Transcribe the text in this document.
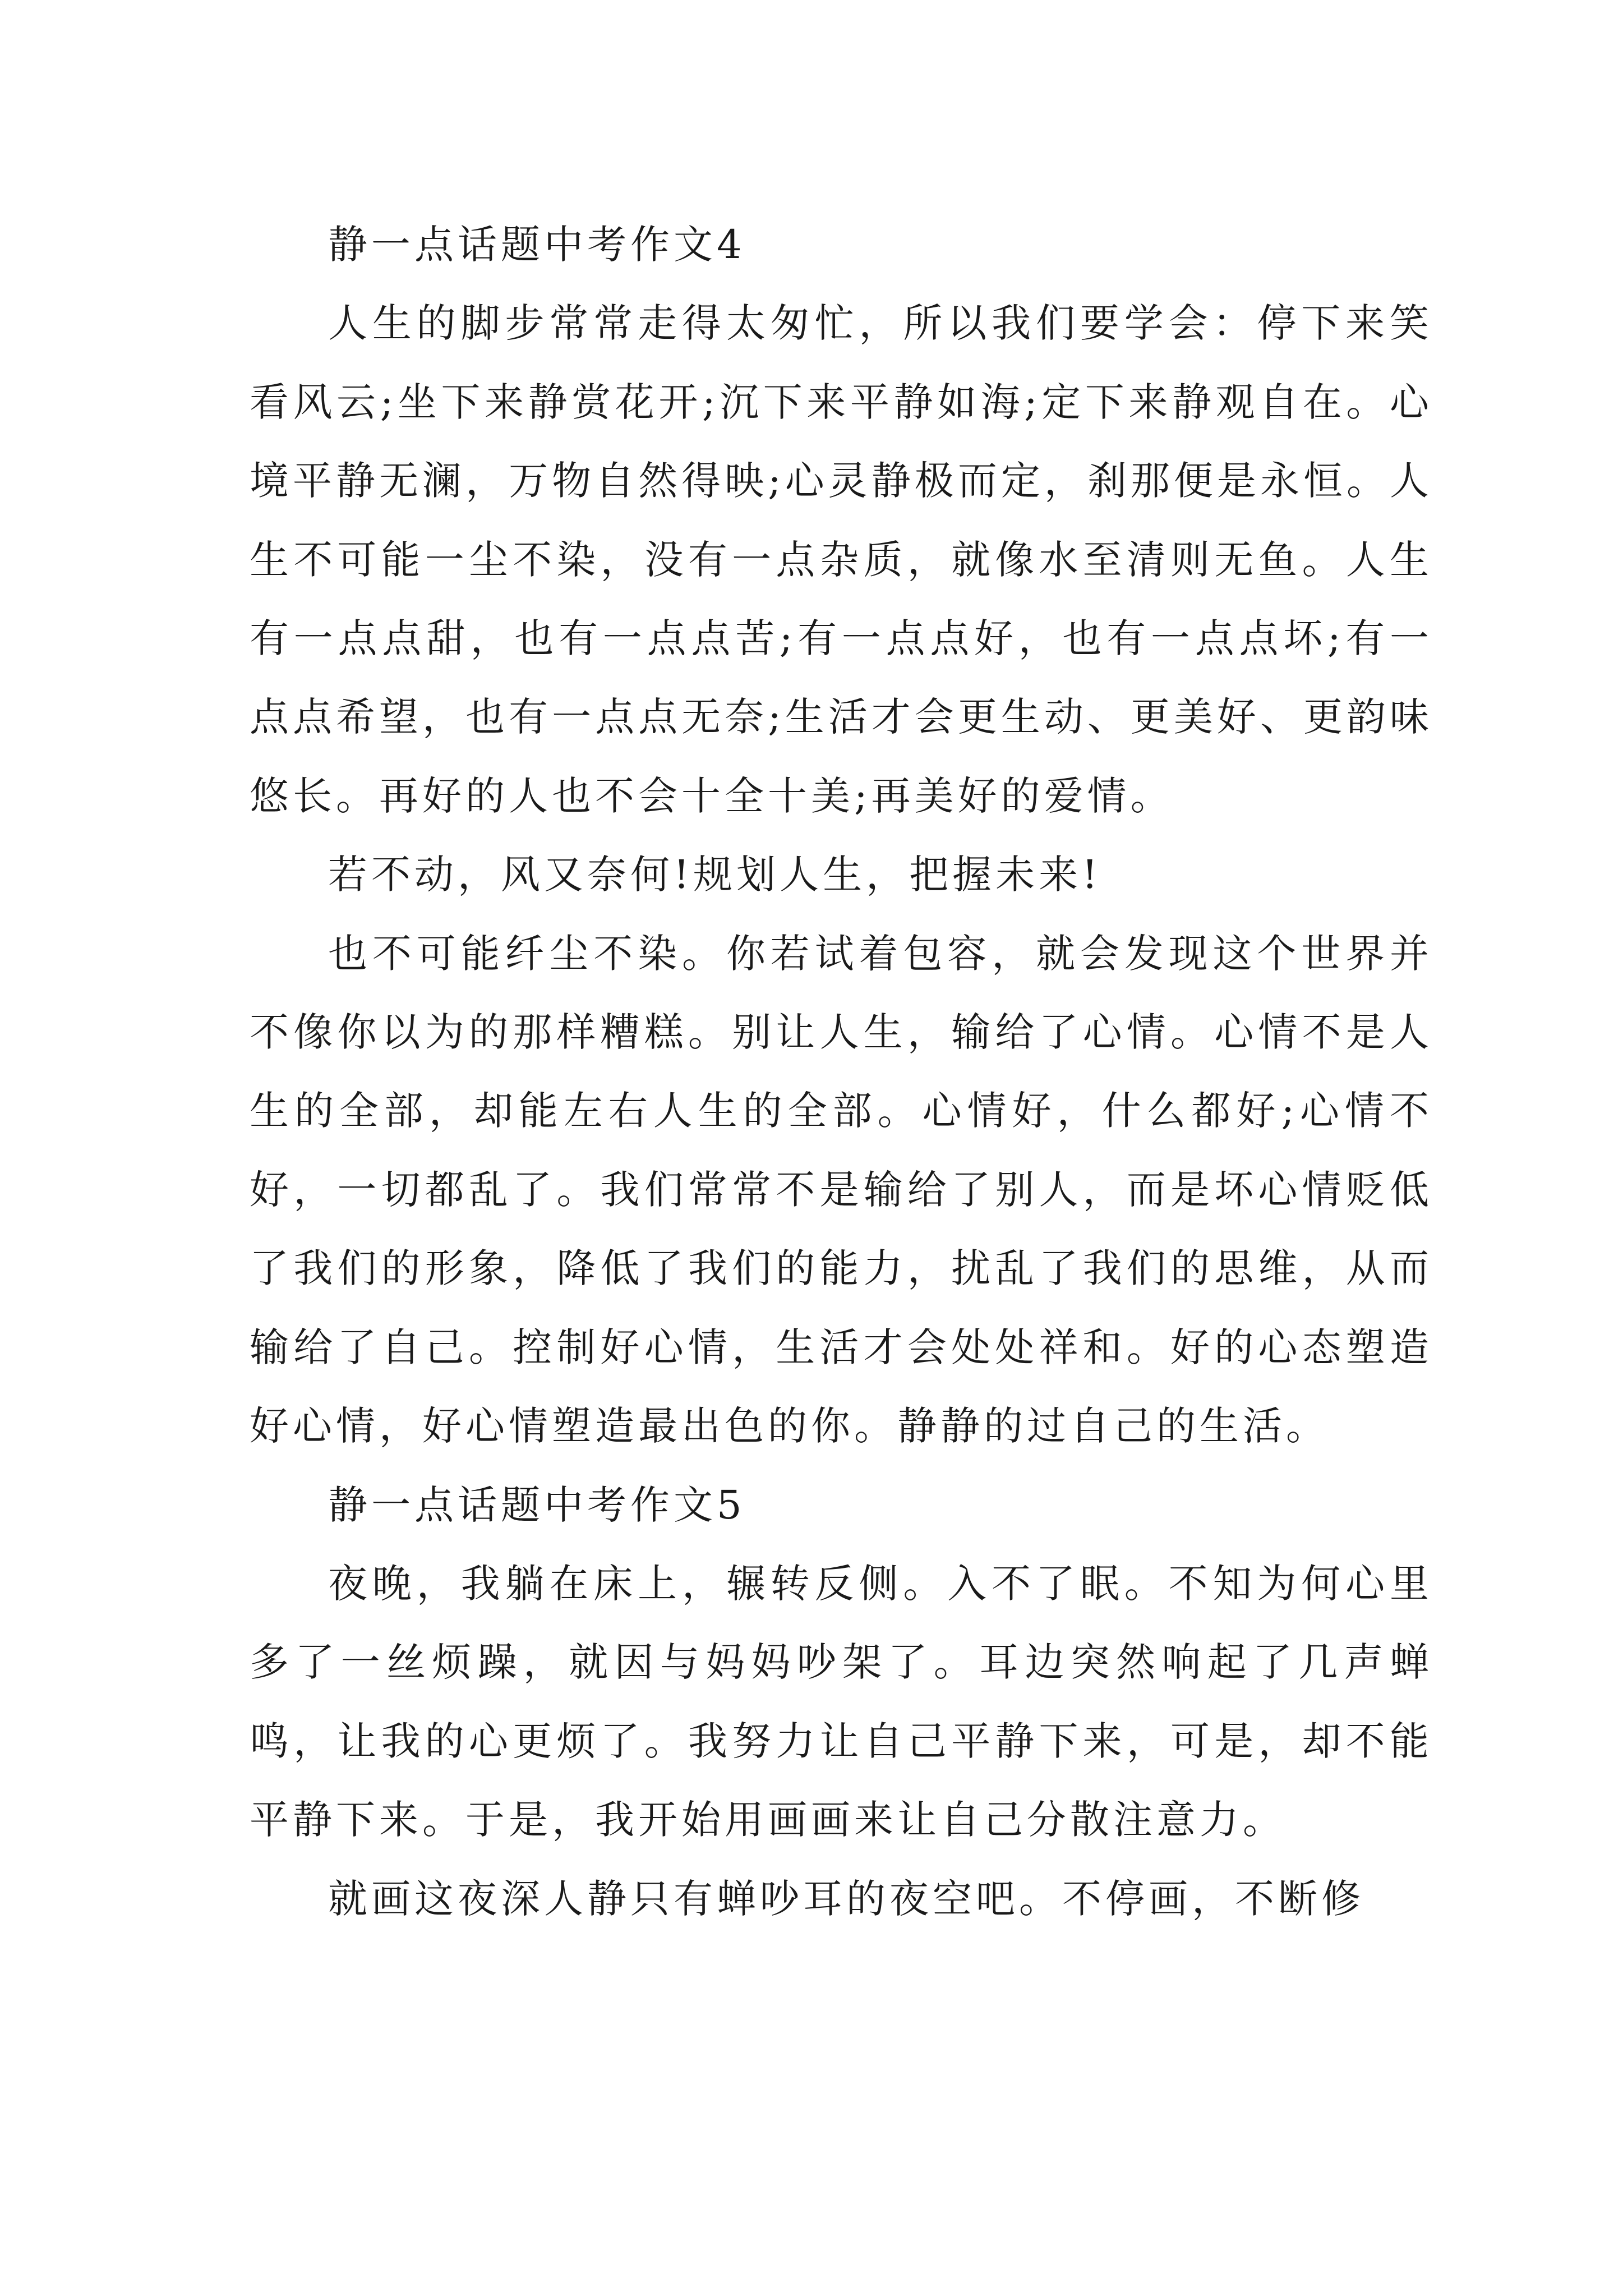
静一点话题中考作文4

人生的脚步常常走得太匆忙，所以我们要学会：停下来笑看风云;坐下来静赏花开;沉下来平静如海;定下来静观自在。心境平静无澜，万物自然得映;心灵静极而定，刹那便是永恒。人生不可能一尘不染，没有一点杂质，就像水至清则无鱼。人生有一点点甜，也有一点点苦;有一点点好，也有一点点坏;有一点点希望，也有一点点无奈;生活才会更生动、更美好、更韵味悠长。再好的人也不会十全十美;再美好的爱情。

若不动，风又奈何!规划人生，把握未来!

也不可能纤尘不染。你若试着包容，就会发现这个世界并不像你以为的那样糟糕。别让人生，输给了心情。心情不是人生的全部，却能左右人生的全部。心情好，什么都好;心情不好，一切都乱了。我们常常不是输给了别人，而是坏心情贬低了我们的形象，降低了我们的能力，扰乱了我们的思维，从而输给了自己。控制好心情，生活才会处处祥和。好的心态塑造好心情，好心情塑造最出色的你。静静的过自己的生活。

静一点话题中考作文5

夜晚，我躺在床上，辗转反侧。入不了眠。不知为何心里多了一丝烦躁，就因与妈妈吵架了。耳边突然响起了几声蝉鸣，让我的心更烦了。我努力让自己平静下来，可是，却不能平静下来。于是，我开始用画画来让自己分散注意力。

就画这夜深人静只有蝉吵耳的夜空吧。不停画，不断修
